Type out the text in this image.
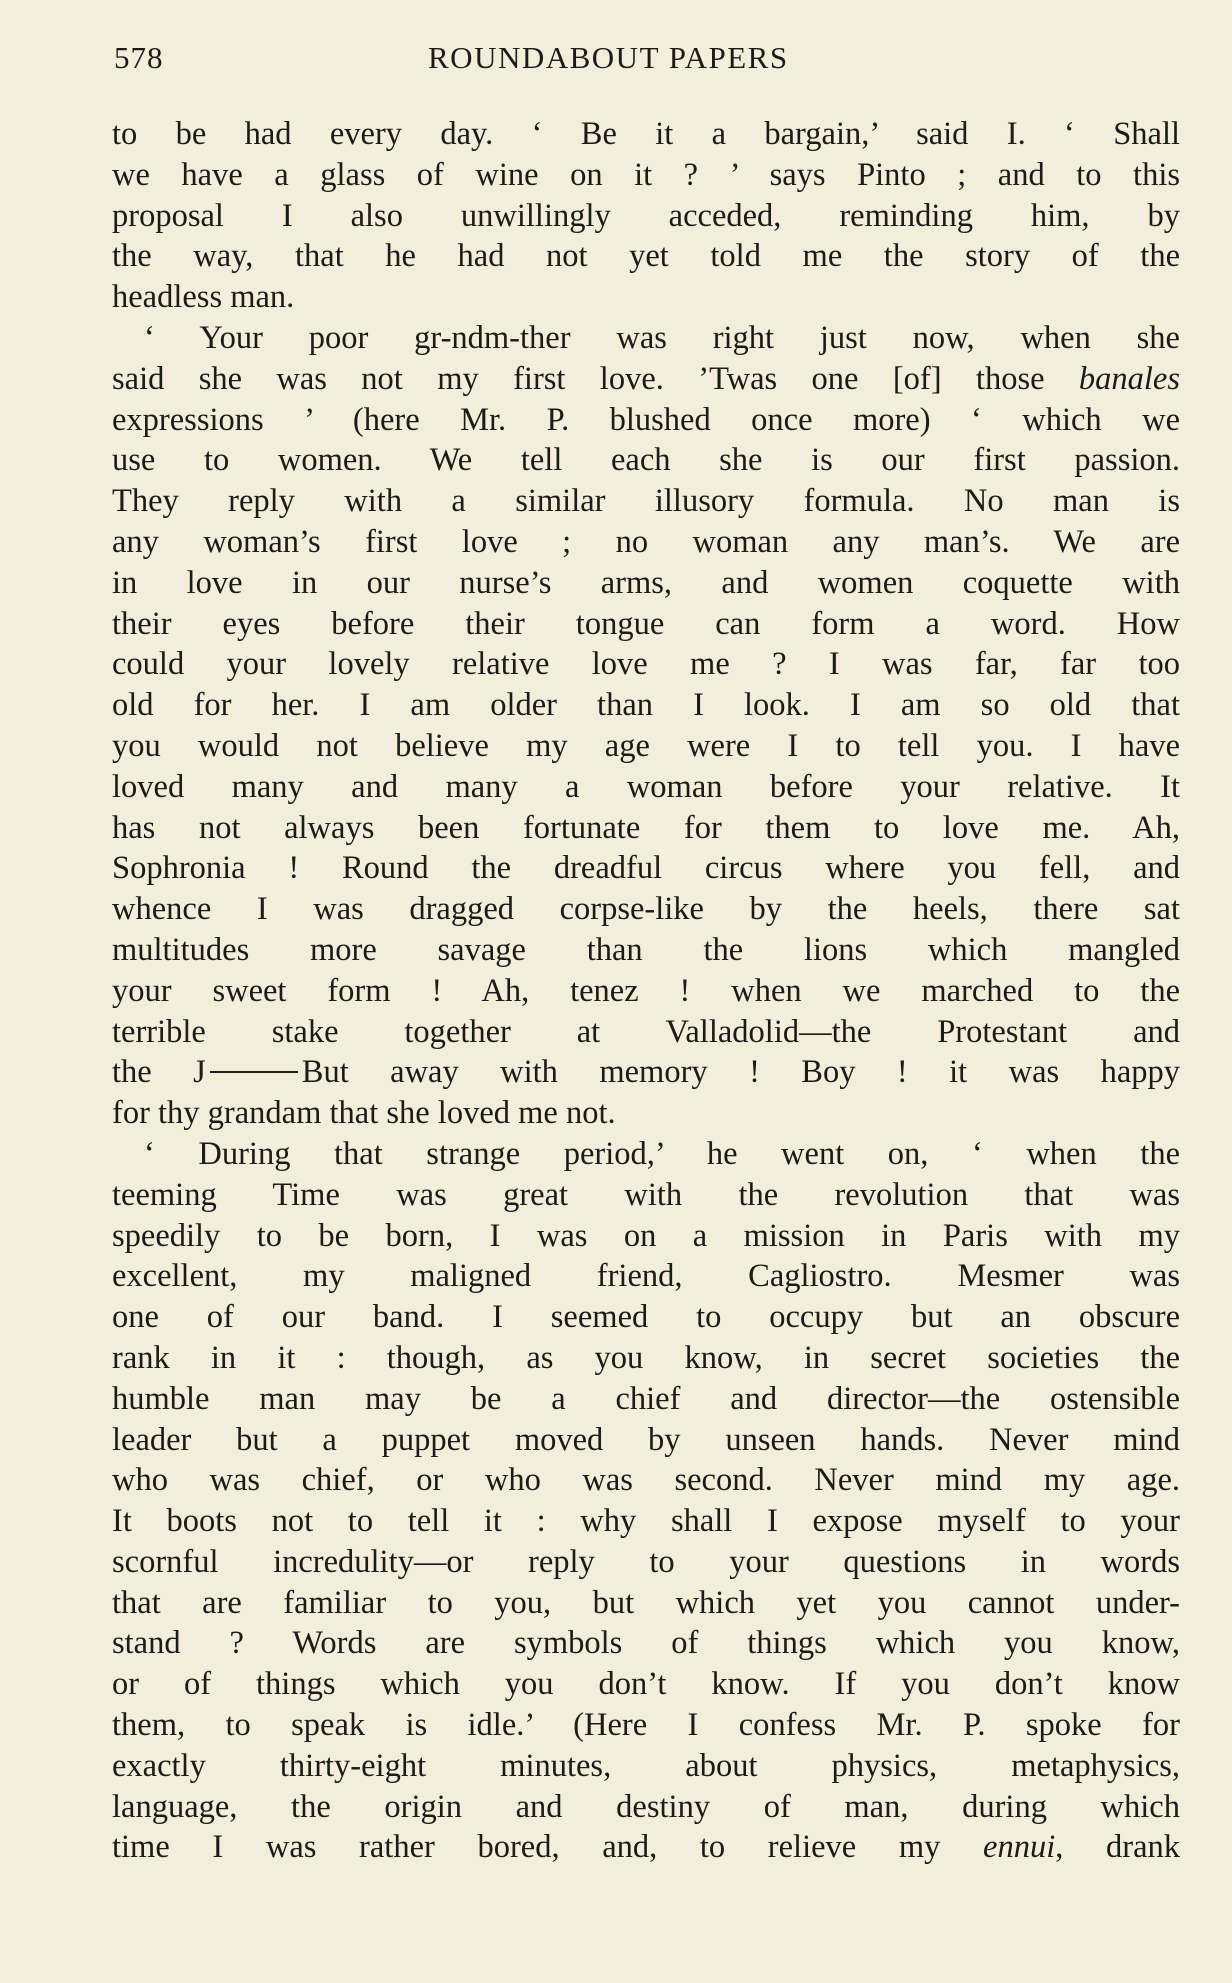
578	ROUNDABOUT PAPERS
to be had every day. ‘ Be it a bargain,’ said I. ‘ Shall
we have a glass of wine on it ? ’ says Pinto ; and to this
proposal I also unwillingly acceded, reminding him, by
the way, that he had not yet told me the story of the
headless man.
‘ Your poor gr-ndm-ther was right just now, when she
said she was not my first love. ’Twas one [of] those banales
expressions ’ (here Mr. P. blushed once more) ‘ which we
use to women. We tell each she is our first passion.
They reply with a similar illusory formula. No man is
any woman’s first love ; no woman any man’s. We are
in love in our nurse’s arms, and women coquette with
their eyes before their tongue can form a word. How
could your lovely relative love me ? I was far, far too
old for her. I am older than I look. I am so old that
you would not believe my age were I to tell you. I have
loved many and many a woman before your relative. It
has not always been fortunate for them to love me. Ah,
Sophronia ! Round the dreadful circus where you fell, and
whence I was dragged corpse-like by the heels, there sat
multitudes more savage than the lions which mangled
your sweet form ! Ah, tenez ! when we marched to the
terrible stake together at Valladolid—the Protestant and
the J	But away with memory ! Boy ! it was happy
for thy grandam that she loved me not.
‘ During that strange period,’ he went on, ‘ when the
teeming Time was great with the revolution that was
speedily to be born, I was on a mission in Paris with my
excellent, my maligned friend, Cagliostro. Mesmer was
one of our band. I seemed to occupy but an obscure
rank in it : though, as you know, in secret societies the
humble man may be a chief and director—the ostensible
leader but a puppet moved by unseen hands. Never mind
who was chief, or who was second. Never mind my age.
It boots not to tell it : why shall I expose myself to your
scornful incredulity—or reply to your questions in words
that are familiar to you, but which yet you cannot under-
stand ? Words are symbols of things which you know,
or of things which you don’t know. If you don’t know
them, to speak is idle.’ (Here I confess Mr. P. spoke for
exactly thirty-eight minutes, about physics, metaphysics,
language, the origin and destiny of man, during which
time I was rather bored, and, to relieve my ennui, drank
